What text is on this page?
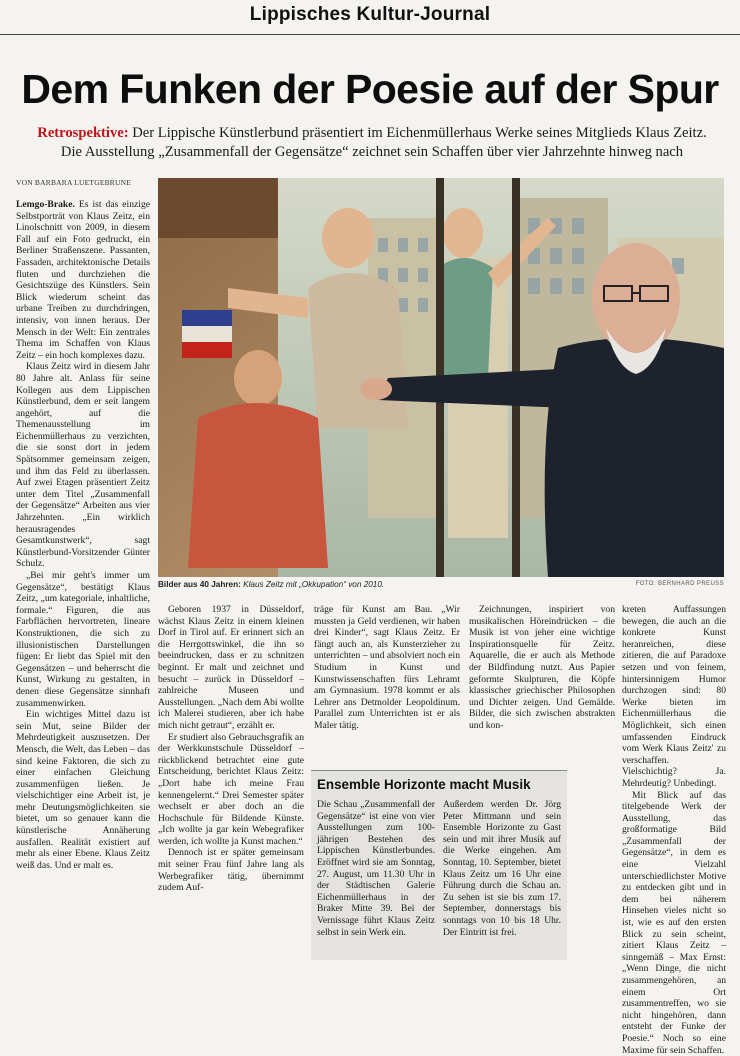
Lippisches Kultur-Journal
Dem Funken der Poesie auf der Spur
Retrospektive: Der Lippische Künstlerbund präsentiert im Eichenmüllerhaus Werke seines Mitglieds Klaus Zeitz.
Die Ausstellung „Zusammenfall der Gegensätze“ zeichnet sein Schaffen über vier Jahrzehnte hinweg nach
VON BARBARA LUETGEBRUNE

Lemgo-Brake. Es ist das einzige Selbstporträt von Klaus Zeitz, ein Linolschnitt von 2009, in diesem Fall auf ein Foto gedruckt, ein Berliner Straßenszene. Passanten, Fassaden, architektonische Details fluten und durchziehen die Gesichtszüge des Künstlers. Sein Blick wiederum scheint das urbane Treiben zu durchdringen, intensiv, von innen heraus. Der Mensch in der Welt: Ein zentrales Thema im Schaffen von Klaus Zeitz – ein hoch komplexes dazu.

Klaus Zeitz wird in diesem Jahr 80 Jahre alt. Anlass für seine Kollegen aus dem Lippischen Künstlerbund, dem er seit langem angehört, auf die Themenausstellung im Eichenmüllerhaus zu verzichten, die sie sonst dort in jedem Spätsommer gemeinsam zeigen, und ihm das Feld zu überlassen. Auf zwei Etagen präsentiert Zeitz unter dem Titel „Zusammenfall der Gegensätze“ Arbeiten aus vier Jahrzehnten. „Ein wirklich herausragendes Gesamtkunstwerk“, sagt Künstlerbund-Vorsitzender Günter Schulz.

„Bei mir geht's immer um Gegensätze“, bestätigt Klaus Zeitz, „um kategoriale, inhaltliche, formale.“ Figuren, die aus Farbflächen hervortreten, lineare Konstruktionen, die sich zu illusionistischen Darstellungen fügen: Er liebt das Spiel mit den Gegensätzen – und beherrscht die Kunst, Wirkung zu gestalten, in denen diese Gegensätze sinnhaft zusammenwirken.

Ein wichtiges Mittel dazu ist sein Mut, seine Bilder der Mehrdeutigkeit auszusetzen. Der Mensch, die Welt, das Leben – das sind keine Faktoren, die sich zu einer einfachen Gleichung zusammenfügen ließen. Je vielschichtiger eine Arbeit ist, je mehr Deutungsmöglichkeiten sie bietet, um so genauer kann die künstlerische Annäherung ausfallen. Realität existiert auf mehr als einer Ebene. Klaus Zeitz weiß das. Und er malt es.

Bilder aus 40 Jahren: Klaus Zeitz mit „Okkupation“ von 2010.	FOTO: BERNHARD PREUSS

Geboren 1937 in Düsseldorf, wächst Klaus Zeitz in einem kleinen Dorf in Tirol auf. Er erinnert sich an die Herrgottswinkel, die ihn so beeindrucken, dass er zu schnitzen beginnt. Er malt und zeichnet und besucht – zurück in Düsseldorf – zahlreiche Museen und Ausstellungen. „Nach dem Abi wollte ich Malerei studieren, aber ich habe mich nicht getraut“, erzählt er.

Er studiert also Gebrauchsgrafik an der Werkkunstschule Düsseldorf – rückblickend betrachtet eine gute Entscheidung, berichtet Klaus Zeitz: „Dort habe ich meine Frau kennengelernt.“ Drei Semester später wechselt er aber doch an die Hochschule für Bildende Künste. „Ich wollte ja gar kein Webegrafiker werden, ich wollte ja Kunst machen.“

Dennoch ist er später gemeinsam mit seiner Frau fünf Jahre lang als Werbegrafiker tätig, übernimmt zudem Auf-

träge für Kunst am Bau. „Wir mussten ja Geld verdienen, wir haben drei Kinder“, sagt Klaus Zeitz. Er fängt auch an, als Kunsterzieher zu unterrichten – und absolviert noch ein Studium in Kunst und Kunstwissenschaften fürs Lehramt am Gymnasium. 1978 kommt er als Lehrer ans Detmolder Leopoldinum. Parallel zum Unterrichten ist er als Maler tätig.

Zeichnungen, inspiriert von musikalischen Höreindrücken – die Musik ist von jeher eine wichtige Inspirationsquelle für Zeitz. Aquarelle, die er auch als Methode der Bildfindung nutzt. Aus Papier geformte Skulpturen, die Köpfe klassischer griechischer Philosophen und Dichter zeigen. Und Gemälde. Bilder, die sich zwischen abstrakten und kon-

kreten Auffassungen bewegen, die auch an die konkrete Kunst heranreichen, diese zitieren, die auf Paradoxe setzen und von feinem, hintersinnigem Humor durchzogen sind: 80 Werke bieten im Eichenmüllerhaus die Möglichkeit, sich einen umfassenden Eindruck vom Werk Klaus Zeitz' zu verschaffen. Vielschichtig? Ja. Mehrdeutig? Unbedingt.

Mit Blick auf das titelgebende Werk der Ausstellung, das großformatige Bild „Zusammenfall der Gegensätze“, in dem es eine Vielzahl unterschiedlichster Motive zu entdecken gibt und in dem bei näherem Hinsehen vieles nicht so ist, wie es auf den ersten Blick zu sein scheint, zitiert Klaus Zeitz – sinngemäß – Max Ernst: „Wenn Dinge, die nicht zusammengehören, an einem Ort zusammentreffen, wo sie nicht hingehören, dann entsteht der Funke der Poesie.“ Noch so eine Maxime für sein Schaffen.

Ensemble Horizonte macht Musik
Die Schau „Zusammenfall der Gegensätze“ ist eine von vier Ausstellungen zum 100-jährigen Bestehen des Lippischen Künstlerbundes. Eröffnet wird sie am Sonntag, 27. August, um 11.30 Uhr in der Städtischen Galerie Eichenmüllerhaus in der Braker Mitte 39. Bei der Vernissage führt Klaus Zeitz selbst in sein Werk ein.
Außerdem werden Dr. Jörg Peter Mittmann und sein Ensemble Horizonte zu Gast sein und mit ihrer Musik auf die Werke eingehen. Am Sonntag, 10. September, bietet Klaus Zeitz um 16 Uhr eine Führung durch die Schau an. Zu sehen ist sie bis zum 17. September, donnerstags bis sonntags von 10 bis 18 Uhr. Der Eintritt ist frei.
